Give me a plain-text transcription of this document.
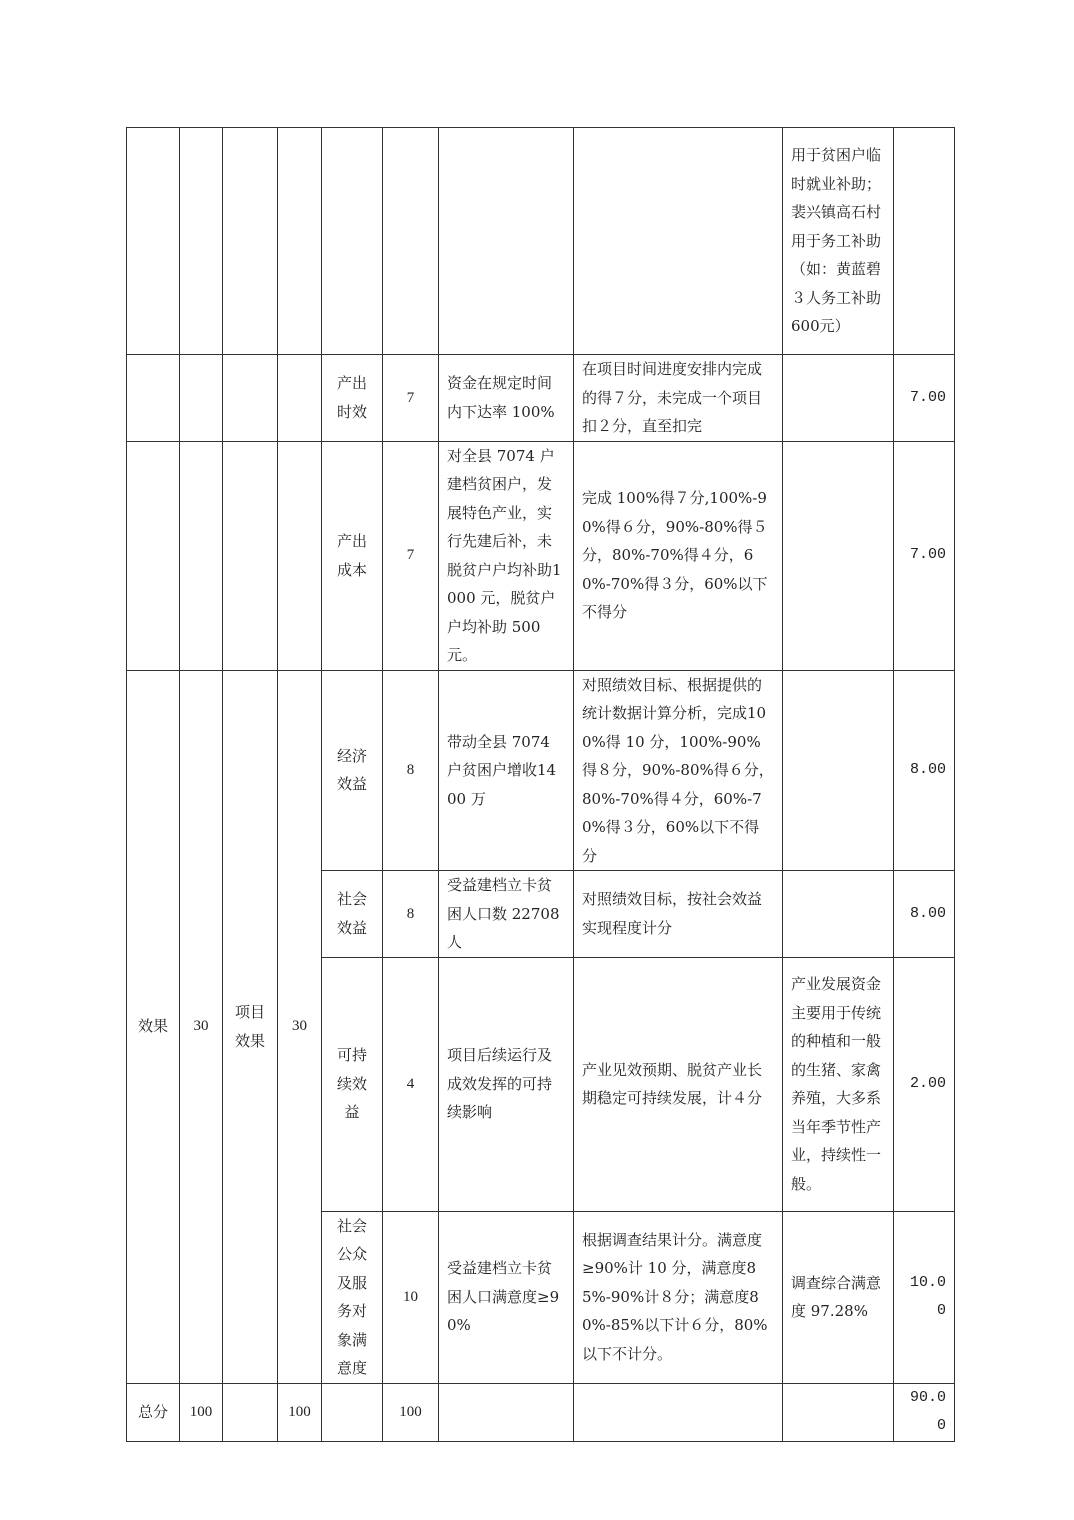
								用于贫困户临时就业补助；裴兴镇高石村用于务工补助（如：黄蓝碧３人务工补助600元）	
				产出时效	7	资金在规定时间内下达率 100%	在项目时间进度安排内完成的得７分，未完成一个项目扣２分，直至扣完		7.00
				产出成本	7	对全县 7074 户建档贫困户，发展特色产业，实行先建后补，未脱贫户户均补助1000 元，脱贫户户均补助 500 元。	完成 100%得７分,100%-90%得６分，90%-80%得５分，80%-70%得４分，60%-70%得３分，60%以下不得分		7.00
效果	30	项目效果	30	经济效益	8	带动全县 7074 户贫困户增收1400 万	对照绩效目标、根据提供的统计数据计算分析，完成100%得 10 分，100%-90%得８分，90%-80%得６分，80%-70%得４分，60%-70%得３分，60%以下不得分		8.00
				社会效益	8	受益建档立卡贫困人口数 22708 人	对照绩效目标，按社会效益实现程度计分		8.00
				可持续效益	4	项目后续运行及成效发挥的可持续影响	产业见效预期、脱贫产业长期稳定可持续发展，计４分	产业发展资金主要用于传统的种植和一般的生猪、家禽养殖，大多系当年季节性产业，持续性一般。	2.00
				社会公众及服务对象满意度	10	受益建档立卡贫困人口满意度≥90%	根据调查结果计分。满意度≥90%计 10 分，满意度85%-90%计８分；满意度80%-85%以下计６分，80%以下不计分。	调查综合满意度 97.28%	10.00
总分	100		100		100				90.00
